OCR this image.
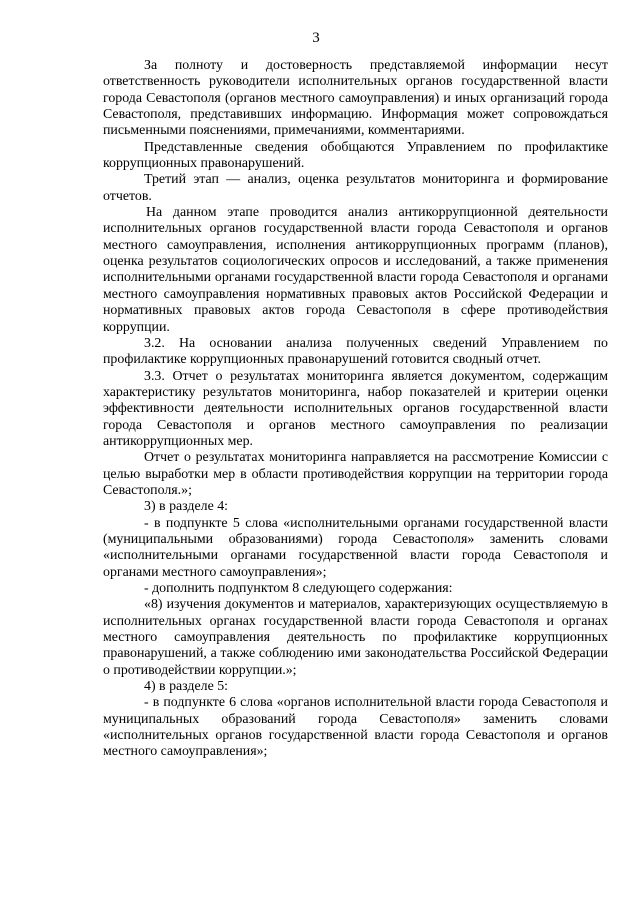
3

За полноту и достоверность представляемой информации несут ответственность руководители исполнительных органов государственной власти города Севастополя (органов местного самоуправления) и иных организаций города Севастополя, представивших информацию. Информация может сопровождаться письменными пояснениями, примечаниями, комментариями.

Представленные сведения обобщаются Управлением по профилактике коррупционных правонарушений.

Третий этап — анализ, оценка результатов мониторинга и формирование отчетов.

На данном этапе проводится анализ антикоррупционной деятельности исполнительных органов государственной власти города Севастополя и органов местного самоуправления, исполнения антикоррупционных программ (планов), оценка результатов социологических опросов и исследований, а также применения исполнительными органами государственной власти города Севастополя и органами местного самоуправления нормативных правовых актов Российской Федерации и нормативных правовых актов города Севастополя в сфере противодействия коррупции.

3.2. На основании анализа полученных сведений Управлением по профилактике коррупционных правонарушений готовится сводный отчет.

3.3. Отчет о результатах мониторинга является документом, содержащим характеристику результатов мониторинга, набор показателей и критерии оценки эффективности деятельности исполнительных органов государственной власти города Севастополя и органов местного самоуправления по реализации антикоррупционных мер.

Отчет о результатах мониторинга направляется на рассмотрение Комиссии с целью выработки мер в области противодействия коррупции на территории города Севастополя.»;

3) в разделе 4:

- в подпункте 5 слова «исполнительными органами государственной власти (муниципальными образованиями) города Севастополя» заменить словами «исполнительными органами государственной власти города Севастополя и органами местного самоуправления»;

- дополнить подпунктом 8 следующего содержания:

«8) изучения документов и материалов, характеризующих осуществляемую в исполнительных органах государственной власти города Севастополя и органах местного самоуправления деятельность по профилактике коррупционных правонарушений, а также соблюдению ими законодательства Российской Федерации о противодействии коррупции.»;

4) в разделе 5:

- в подпункте 6 слова «органов исполнительной власти города Севастополя и муниципальных образований города Севастополя» заменить словами «исполнительных органов государственной власти города Севастополя и органов местного самоуправления»;
